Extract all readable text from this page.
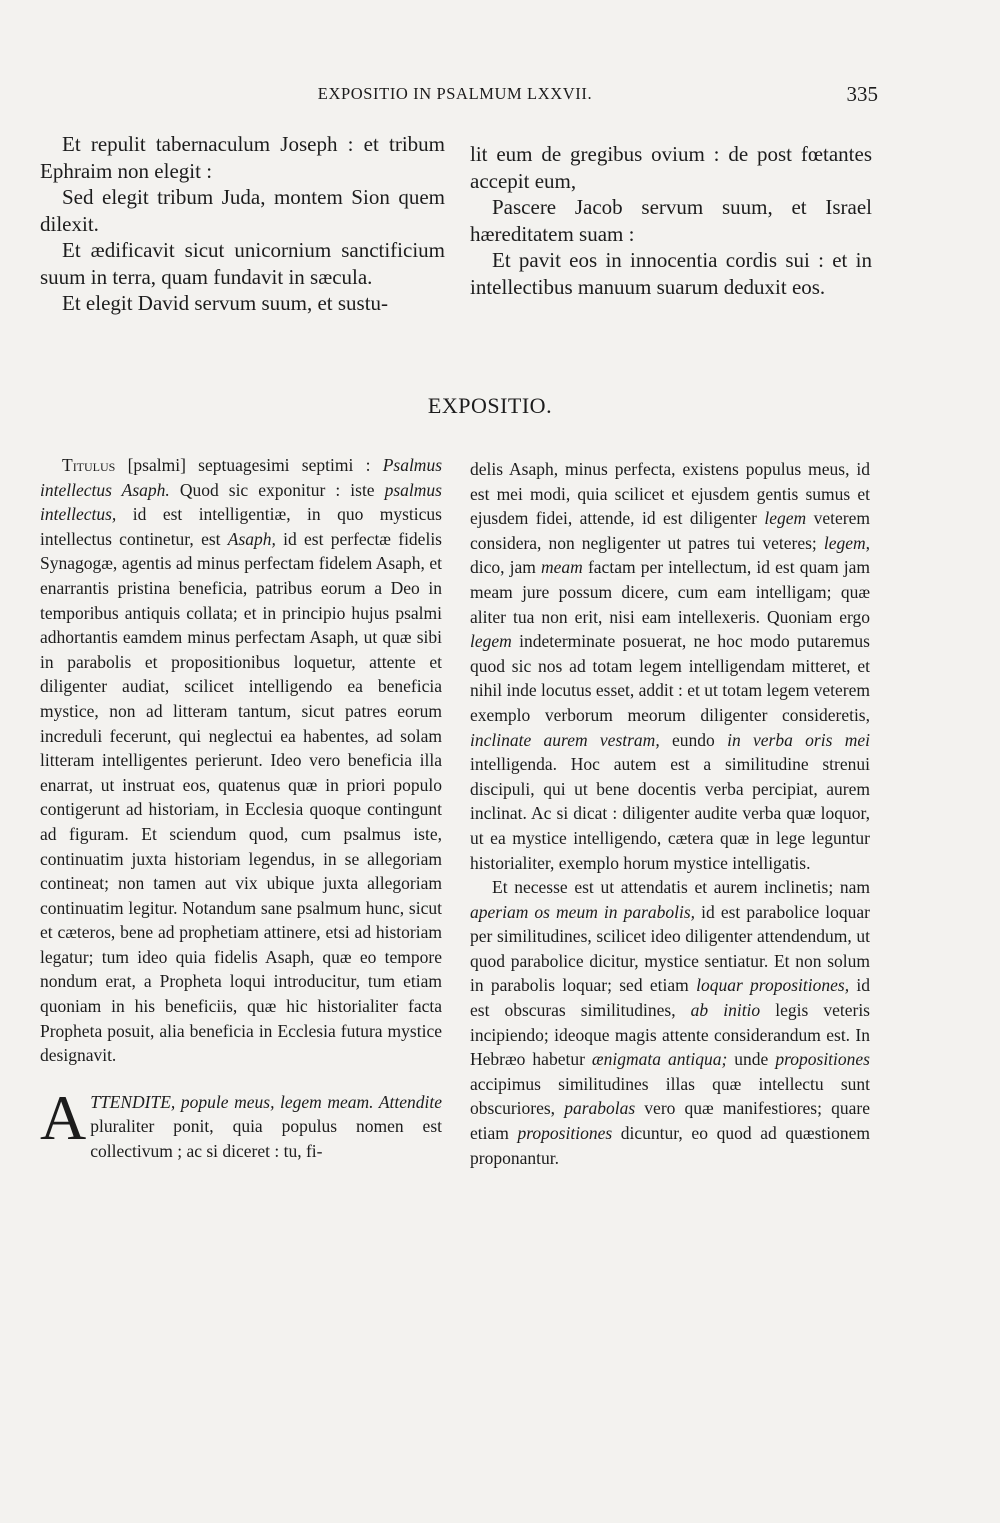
EXPOSITIO IN PSALMUM LXXVII.	335

Et repulit tabernaculum Joseph : et tribum Ephraim non elegit :

Sed elegit tribum Juda, montem Sion quem dilexit.

Et ædificavit sicut unicornium sanctificium suum in terra, quam fundavit in sæcula.

Et elegit David servum suum, et sustu-

lit eum de gregibus ovium : de post fœtantes accepit eum,

Pascere Jacob servum suum, et Israel hæreditatem suam :

Et pavit eos in innocentia cordis sui : et in intellectibus manuum suarum deduxit eos.

EXPOSITIO.

Titulus [psalmi] septuagesimi septimi : Psalmus intellectus Asaph. Quod sic exponitur : iste psalmus intellectus, id est intelligentiæ, in quo mysticus intellectus continetur, est Asaph, id est perfectæ fidelis Synagogæ, agentis ad minus perfectam fidelem Asaph, et enarrantis pristina beneficia, patribus eorum a Deo in temporibus antiquis collata; et in principio hujus psalmi adhortantis eamdem minus perfectam Asaph, ut quæ sibi in parabolis et propositionibus loquetur, attente et diligenter audiat, scilicet intelligendo ea beneficia mystice, non ad litteram tantum, sicut patres eorum increduli fecerunt, qui neglectui ea habentes, ad solam litteram intelligentes perierunt. Ideo vero beneficia illa enarrat, ut instruat eos, quatenus quæ in priori populo contigerunt ad historiam, in Ecclesia quoque contingunt ad figuram. Et sciendum quod, cum psalmus iste, continuatim juxta historiam legendus, in se allegoriam contineat; non tamen aut vix ubique juxta allegoriam continuatim legitur. Notandum sane psalmum hunc, sicut et cæteros, bene ad prophetiam attinere, etsi ad historiam legatur; tum ideo quia fidelis Asaph, quæ eo tempore nondum erat, a Propheta loqui introducitur, tum etiam quoniam in his beneficiis, quæ hic historialiter facta Propheta posuit, alia beneficia in Ecclesia futura mystice designavit.

ATTENDITE, popule meus, legem meam. Attendite pluraliter ponit, quia populus nomen est collectivum ; ac si diceret : tu, fi-

delis Asaph, minus perfecta, existens populus meus, id est mei modi, quia scilicet et ejusdem gentis sumus et ejusdem fidei, attende, id est diligenter legem veterem considera, non negligenter ut patres tui veteres; legem, dico, jam meam factam per intellectum, id est quam jam meam jure possum dicere, cum eam intelligam; quæ aliter tua non erit, nisi eam intellexeris. Quoniam ergo legem indeterminate posuerat, ne hoc modo putaremus quod sic nos ad totam legem intelligendam mitteret, et nihil inde locutus esset, addit : et ut totam legem veterem exemplo verborum meorum diligenter consideretis, inclinate aurem vestram, eundo in verba oris mei intelligenda. Hoc autem est a similitudine strenui discipuli, qui ut bene docentis verba percipiat, aurem inclinat. Ac si dicat : diligenter audite verba quæ loquor, ut ea mystice intelligendo, cætera quæ in lege leguntur historialiter, exemplo horum mystice intelligatis.

Et necesse est ut attendatis et aurem inclinetis; nam aperiam os meum in parabolis, id est parabolice loquar per similitudines, scilicet ideo diligenter attendendum, ut quod parabolice dicitur, mystice sentiatur. Et non solum in parabolis loquar; sed etiam loquar propositiones, id est obscuras similitudines, ab initio legis veteris incipiendo; ideoque magis attente considerandum est. In Hebræo habetur ænigmata antiqua; unde propositiones accipimus similitudines illas quæ intellectu sunt obscuriores, parabolas vero quæ manifestiores; quare etiam propositiones dicuntur, eo quod ad quæstionem proponantur.
